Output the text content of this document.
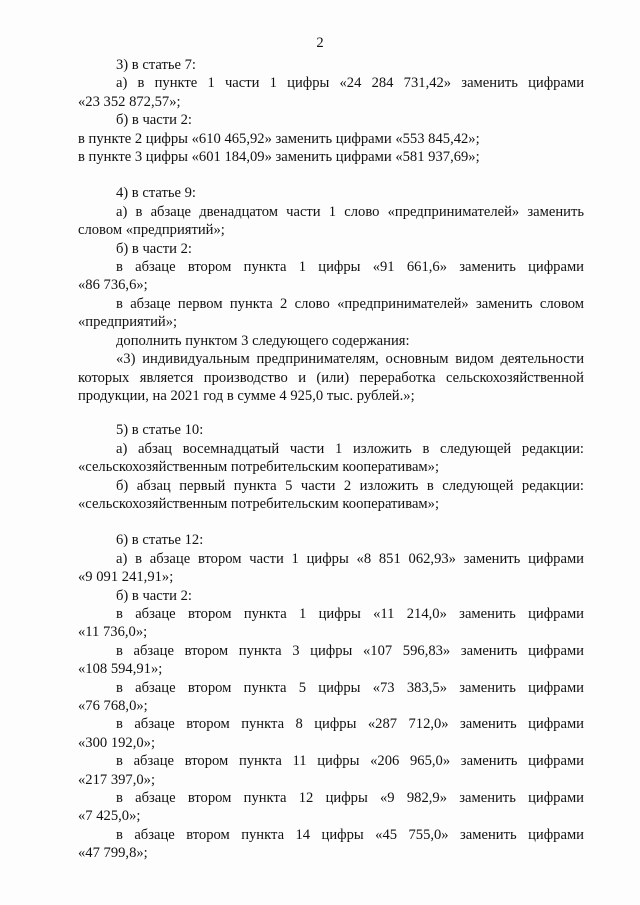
2

3) в статье 7:

а) в пункте 1 части 1 цифры «24 284 731,42» заменить цифрами

«23 352 872,57»;

б) в части 2:

в пункте 2 цифры «610 465,92» заменить цифрами «553 845,42»;

в пункте 3 цифры «601 184,09» заменить цифрами «581 937,69»;

4) в статье 9:

а) в абзаце двенадцатом части 1 слово «предпринимателей» заменить

словом «предприятий»;

б) в части 2:

в абзаце втором пункта 1 цифры «91 661,6» заменить цифрами

«86 736,6»;

в абзаце первом пункта 2 слово «предпринимателей» заменить словом

«предприятий»;

дополнить пунктом 3 следующего содержания:

«3) индивидуальным предпринимателям, основным видом деятельности

которых является производство и (или) переработка сельскохозяйственной

продукции, на 2021 год в сумме 4 925,0 тыс. рублей.»;

5) в статье 10:

а) абзац восемнадцатый части 1 изложить в следующей редакции:

«сельскохозяйственным потребительским кооперативам»;

б) абзац первый пункта 5 части 2 изложить в следующей редакции:

«сельскохозяйственным потребительским кооперативам»;

6) в статье 12:

а) в абзаце втором части 1 цифры «8 851 062,93» заменить цифрами

«9 091 241,91»;

б) в части 2:

в абзаце втором пункта 1 цифры «11 214,0» заменить цифрами

«11 736,0»;

в абзаце втором пункта 3 цифры «107 596,83» заменить цифрами

«108 594,91»;

в абзаце втором пункта 5 цифры «73 383,5» заменить цифрами

«76 768,0»;

в абзаце втором пункта 8 цифры «287 712,0» заменить цифрами

«300 192,0»;

в абзаце втором пункта 11 цифры «206 965,0» заменить цифрами

«217 397,0»;

в абзаце втором пункта 12 цифры «9 982,9» заменить цифрами

«7 425,0»;

в абзаце втором пункта 14 цифры «45 755,0» заменить цифрами

«47 799,8»;
